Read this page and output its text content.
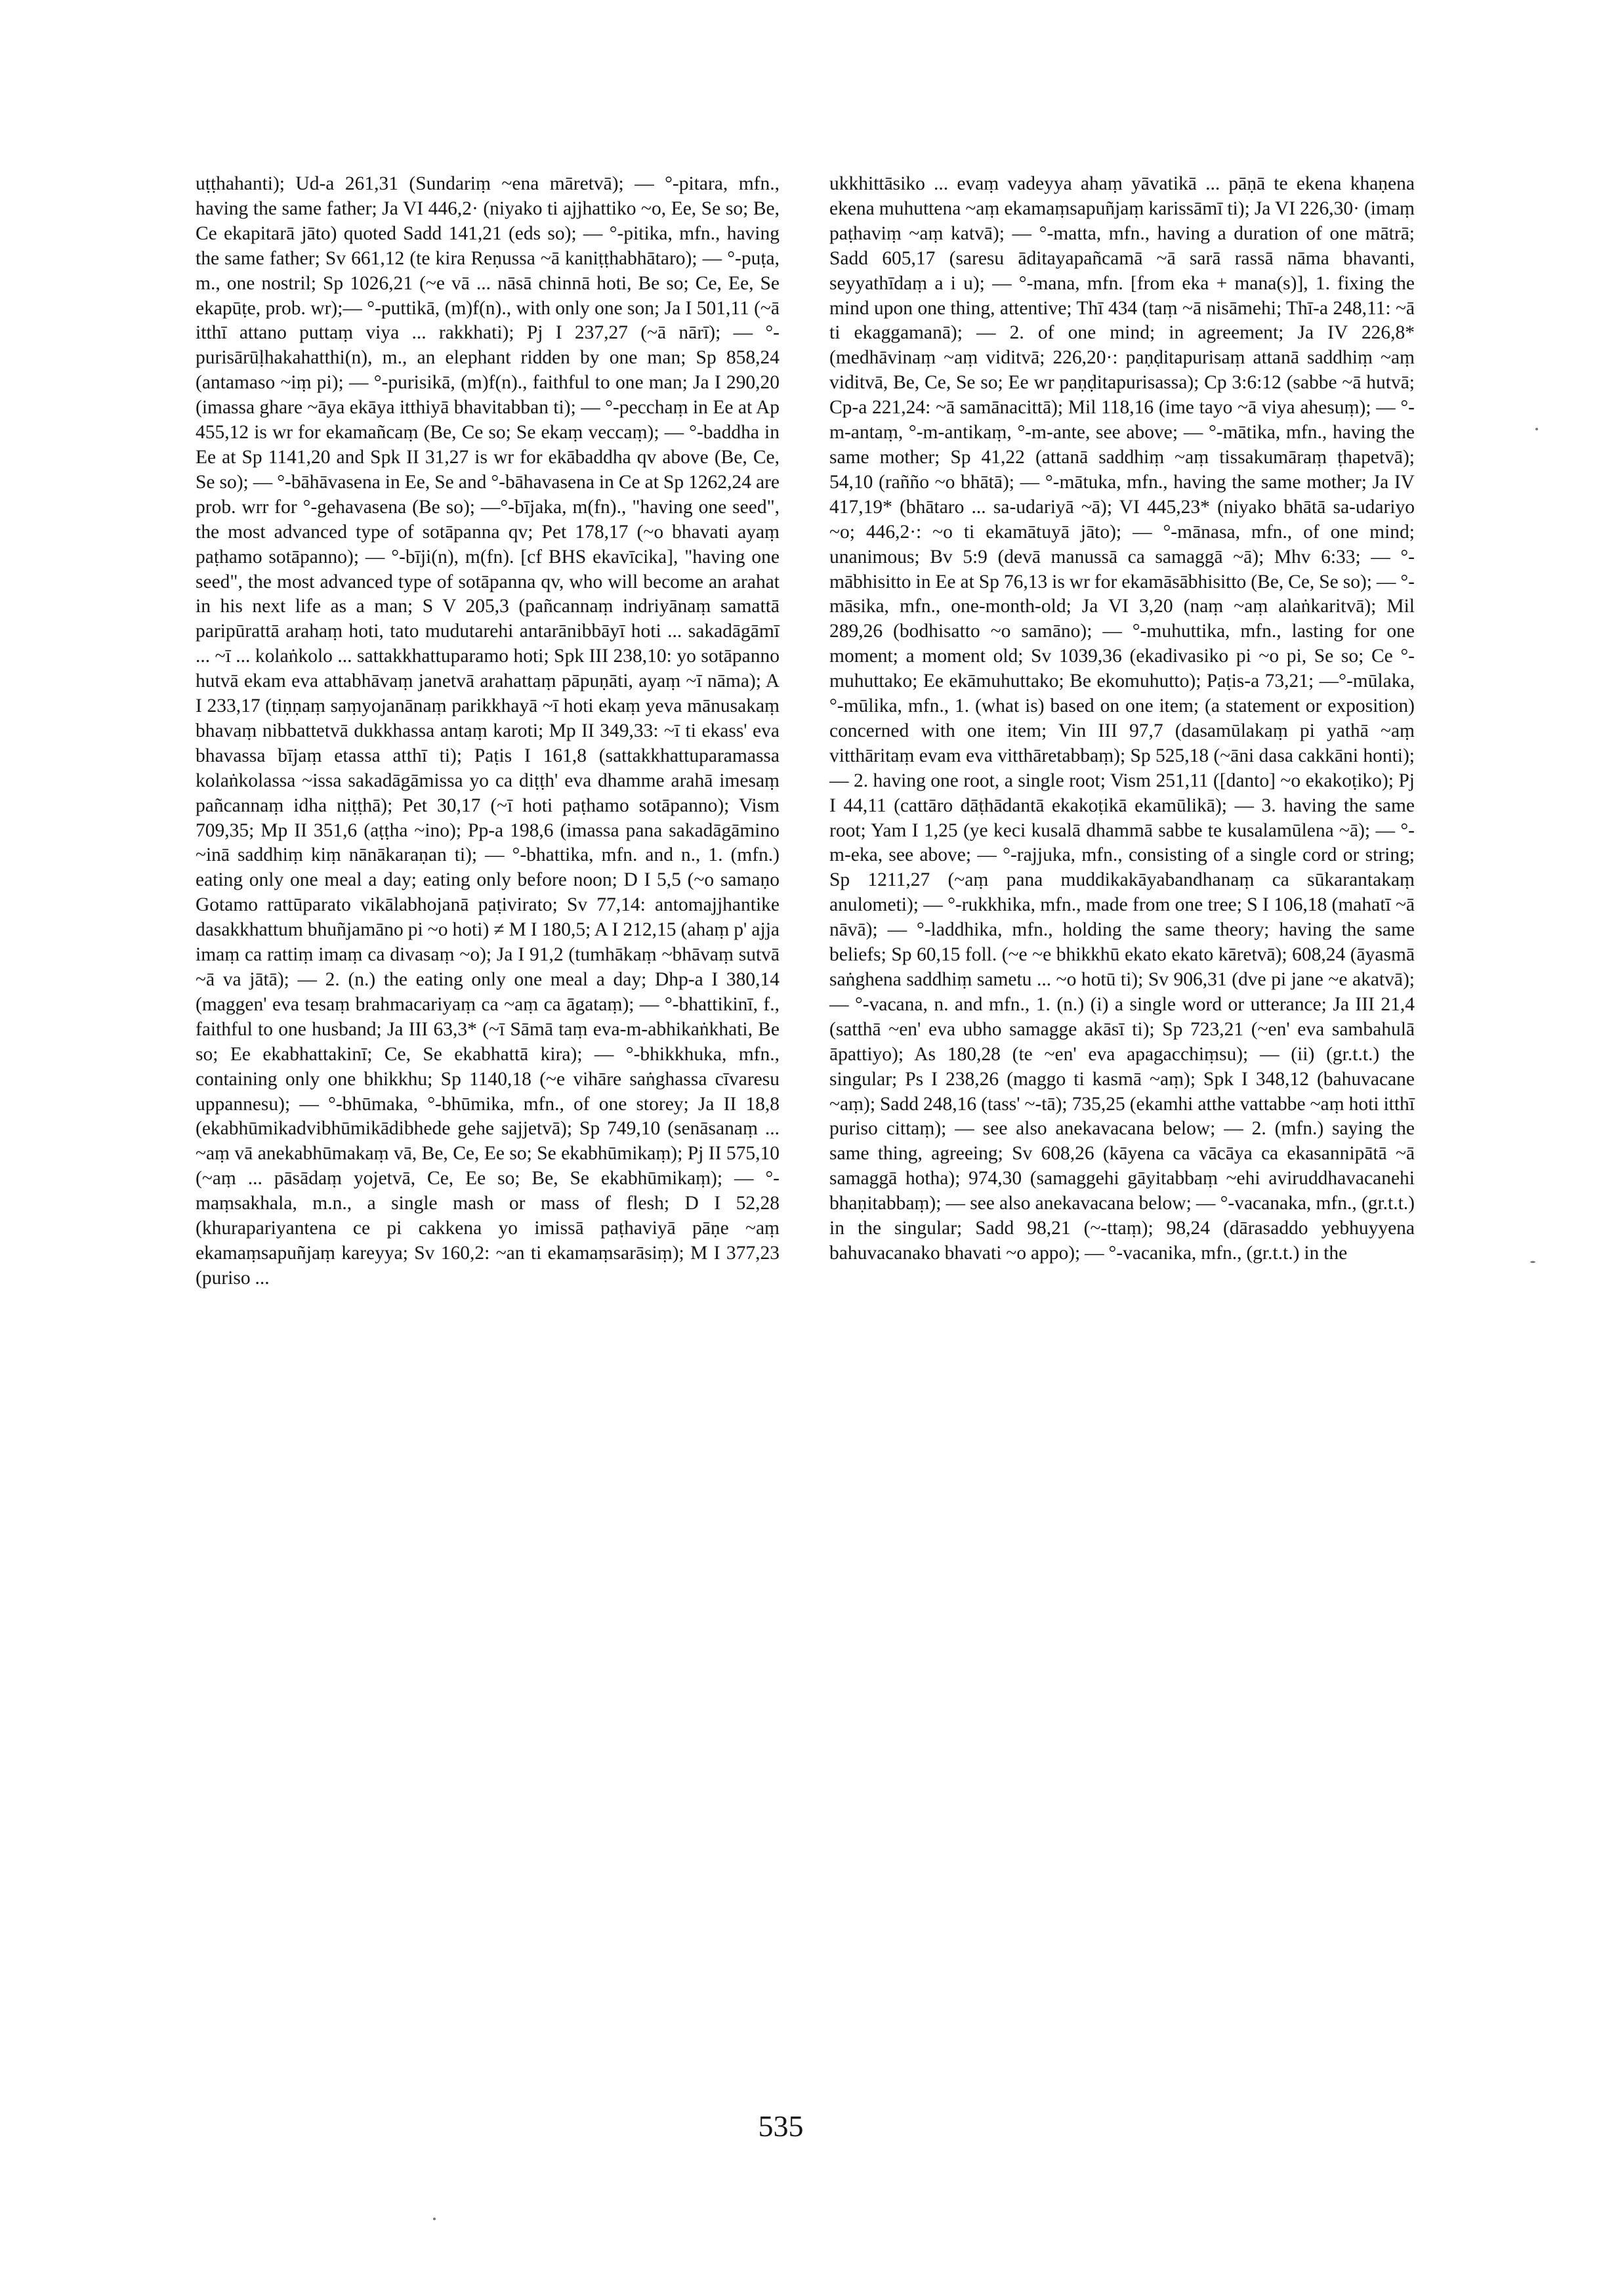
uṭṭhahanti); Ud-a 261,31 (Sundariṃ ~ena māretvā); — °-pitara, mfn., having the same father; Ja VI 446,2· (niyako ti ajjhattiko ~o, Ee, Se so; Be, Ce ekapitarā jāto) quoted Sadd 141,21 (eds so); — °-pitika, mfn., having the same father; Sv 661,12 (te kira Reṇussa ~ā kaniṭṭhabhātaro); — °-puṭa, m., one nostril; Sp 1026,21 (~e vā ... nāsā chinnā hoti, Be so; Ce, Ee, Se ekapūṭe, prob. wr);— °-puttikā, (m)f(n)., with only one son; Ja I 501,11 (~ā itthī attano puttaṃ viya ... rakkhati); Pj I 237,27 (~ā nārī); — °-purisārūḷhakahatthi(n), m., an elephant ridden by one man; Sp 858,24 (antamaso ~iṃ pi); — °-purisikā, (m)f(n)., faithful to one man; Ja I 290,20 (imassa ghare ~āya ekāya itthiyā bhavitabban ti); — °-pecchaṃ in Ee at Ap 455,12 is wr for ekamañcaṃ (Be, Ce so; Se ekaṃ veccaṃ); — °-baddha in Ee at Sp 1141,20 and Spk II 31,27 is wr for ekābaddha qv above (Be, Ce, Se so); — °-bāhāvasena in Ee, Se and °-bāhavasena in Ce at Sp 1262,24 are prob. wrr for °-gehavasena (Be so); —°-bījaka, m(fn)., "having one seed", the most advanced type of sotāpanna qv; Pet 178,17 (~o bhavati ayaṃ paṭhamo sotāpanno); — °-bīji(n), m(fn). [cf BHS ekavīcika], "having one seed", the most advanced type of sotāpanna qv, who will become an arahat in his next life as a man; S V 205,3 (pañcannaṃ indriyānaṃ samattā paripūrattā arahaṃ hoti, tato mudutarehi antarānibbāyī hoti ... sakadāgāmī ... ~ī ... kolaṅkolo ... sattakkhattuparamo hoti; Spk III 238,10: yo sotāpanno hutvā ekam eva attabhāvaṃ janetvā arahattaṃ pāpuṇāti, ayaṃ ~ī nāma); A I 233,17 (tiṇṇaṃ saṃyojanānaṃ parikkhayā ~ī hoti ekaṃ yeva mānusakaṃ bhavaṃ nibbattetvā dukkhassa antaṃ karoti; Mp II 349,33: ~ī ti ekass' eva bhavassa bījaṃ etassa atthī ti); Paṭis I 161,8 (sattakkhattuparamassa kolaṅkolassa ~issa sakadāgāmissa yo ca diṭṭh' eva dhamme arahā imesaṃ pañcannaṃ idha niṭṭhā); Pet 30,17 (~ī hoti paṭhamo sotāpanno); Vism 709,35; Mp II 351,6 (aṭṭha ~ino); Pp-a 198,6 (imassa pana sakadāgāmino ~inā saddhiṃ kiṃ nānākaraṇan ti); — °-bhattika, mfn. and n., 1. (mfn.) eating only one meal a day; eating only before noon; D I 5,5 (~o samaṇo Gotamo rattūparato vikālabhojanā paṭivirato; Sv 77,14: antomajjhantike dasakkhattum bhuñjamāno pi ~o hoti) ≠ M I 180,5; A I 212,15 (ahaṃ p' ajja imaṃ ca rattiṃ imaṃ ca divasaṃ ~o); Ja I 91,2 (tumhākaṃ ~bhāvaṃ sutvā ~ā va jātā); — 2. (n.) the eating only one meal a day; Dhp-a I 380,14 (maggen' eva tesaṃ brahmacariyaṃ ca ~aṃ ca āgataṃ); — °-bhattikinī, f., faithful to one husband; Ja III 63,3* (~ī Sāmā taṃ eva-m-abhikaṅkhati, Be so; Ee ekabhattakinī; Ce, Se ekabhattā kira); — °-bhikkhuka, mfn., containing only one bhikkhu; Sp 1140,18 (~e vihāre saṅghassa cīvaresu uppannesu); — °-bhūmaka, °-bhūmika, mfn., of one storey; Ja II 18,8 (ekabhūmikadvibhūmikādibhede gehe sajjetvā); Sp 749,10 (senāsanaṃ ... ~aṃ vā anekabhūmakaṃ vā, Be, Ce, Ee so; Se ekabhūmikaṃ); Pj II 575,10 (~aṃ ... pāsādaṃ yojetvā, Ce, Ee so; Be, Se ekabhūmikaṃ); — °-maṃsakhala, m.n., a single mash or mass of flesh; D I 52,28 (khurapariyantena ce pi cakkena yo imissā paṭhaviyā pāṇe ~aṃ ekamaṃsapuñjaṃ kareyya; Sv 160,2: ~an ti ekamaṃsarāsiṃ); M I 377,23 (puriso ...

ukkhittāsiko ... evaṃ vadeyya ahaṃ yāvatikā ... pāṇā te ekena khaṇena ekena muhuttena ~aṃ ekamaṃsapuñjaṃ karissāmī ti); Ja VI 226,30· (imaṃ paṭhaviṃ ~aṃ katvā); — °-matta, mfn., having a duration of one mātrā; Sadd 605,17 (saresu āditayapañcamā ~ā sarā rassā nāma bhavanti, seyyathīdaṃ a i u); — °-mana, mfn. [from eka + mana(s)], 1. fixing the mind upon one thing, attentive; Thī 434 (taṃ ~ā nisāmehi; Thī-a 248,11: ~ā ti ekaggamanā); — 2. of one mind; in agreement; Ja IV 226,8* (medhāvinaṃ ~aṃ viditvā; 226,20·: paṇḍitapurisaṃ attanā saddhiṃ ~aṃ viditvā, Be, Ce, Se so; Ee wr paṇḍitapurisassa); Cp 3:6:12 (sabbe ~ā hutvā; Cp-a 221,24: ~ā samānacittā); Mil 118,16 (ime tayo ~ā viya ahesuṃ); — °-m-antaṃ, °-m-antikaṃ, °-m-ante, see above; — °-mātika, mfn., having the same mother; Sp 41,22 (attanā saddhiṃ ~aṃ tissakumāraṃ ṭhapetvā); 54,10 (rañño ~o bhātā); — °-mātuka, mfn., having the same mother; Ja IV 417,19* (bhātaro ... sa-udariyā ~ā); VI 445,23* (niyako bhātā sa-udariyo ~o; 446,2·: ~o ti ekamātuyā jāto); — °-mānasa, mfn., of one mind; unanimous; Bv 5:9 (devā manussā ca samaggā ~ā); Mhv 6:33; — °-mābhisitto in Ee at Sp 76,13 is wr for ekamāsābhisitto (Be, Ce, Se so); — °-māsika, mfn., one-month-old; Ja VI 3,20 (naṃ ~aṃ alaṅkaritvā); Mil 289,26 (bodhisatto ~o samāno); — °-muhuttika, mfn., lasting for one moment; a moment old; Sv 1039,36 (ekadivasiko pi ~o pi, Se so; Ce °-muhuttako; Ee ekāmuhuttako; Be ekomuhutto); Paṭis-a 73,21; —°-mūlaka, °-mūlika, mfn., 1. (what is) based on one item; (a statement or exposition) concerned with one item; Vin III 97,7 (dasamūlakaṃ pi yathā ~aṃ vitthāritaṃ evam eva vitthāretabbaṃ); Sp 525,18 (~āni dasa cakkāni honti); — 2. having one root, a single root; Vism 251,11 ([danto] ~o ekakoṭiko); Pj I 44,11 (cattāro dāṭhādantā ekakoṭikā ekamūlikā); — 3. having the same root; Yam I 1,25 (ye keci kusalā dhammā sabbe te kusalamūlena ~ā); — °-m-eka, see above; — °-rajjuka, mfn., consisting of a single cord or string; Sp 1211,27 (~aṃ pana muddikakāyabandhanaṃ ca sūkarantakaṃ anulometi); — °-rukkhika, mfn., made from one tree; S I 106,18 (mahatī ~ā nāvā); — °-laddhika, mfn., holding the same theory; having the same beliefs; Sp 60,15 foll. (~e ~e bhikkhū ekato ekato kāretvā); 608,24 (āyasmā saṅghena saddhiṃ sametu ... ~o hotū ti); Sv 906,31 (dve pi jane ~e akatvā); — °-vacana, n. and mfn., 1. (n.) (i) a single word or utterance; Ja III 21,4 (satthā ~en' eva ubho samagge akāsī ti); Sp 723,21 (~en' eva sambahulā āpattiyo); As 180,28 (te ~en' eva apagacchiṃsu); — (ii) (gr.t.t.) the singular; Ps I 238,26 (maggo ti kasmā ~aṃ); Spk I 348,12 (bahuvacane ~aṃ); Sadd 248,16 (tass' ~-tā); 735,25 (ekamhi atthe vattabbe ~aṃ hoti itthī puriso cittaṃ); — see also anekavacana below; — 2. (mfn.) saying the same thing, agreeing; Sv 608,26 (kāyena ca vācāya ca ekasannipātā ~ā samaggā hotha); 974,30 (samaggehi gāyitabbaṃ ~ehi aviruddhavacanehi bhaṇitabbaṃ); — see also anekavacana below; — °-vacanaka, mfn., (gr.t.t.) in the singular; Sadd 98,21 (~-ttaṃ); 98,24 (dārasaddo yebhuyyena bahuvacanako bhavati ~o appo); — °-vacanika, mfn., (gr.t.t.) in the

535
